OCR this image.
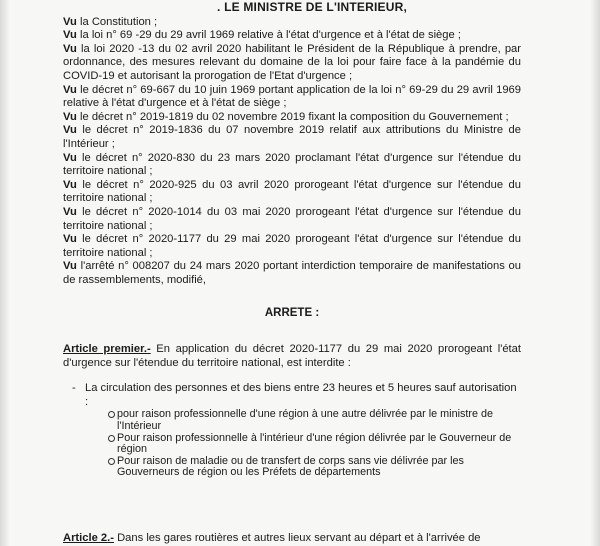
. LE MINISTRE DE L'INTERIEUR,
Vu la Constitution ;
Vu la loi n° 69 -29 du 29 avril 1969 relative à l'état d'urgence et à l'état de siège ;
Vu la loi 2020 -13 du 02 avril 2020 habilitant le Président de la République à prendre, par ordonnance, des mesures relevant du domaine de la loi pour faire face à la pandémie du COVID-19 et autorisant la prorogation de l'Etat d'urgence ;
Vu le décret n° 69-667 du 10 juin 1969 portant application de la loi n° 69-29 du 29 avril 1969 relative à l'état d'urgence et à l'état de siège ;
Vu le décret n° 2019-1819 du 02 novembre 2019 fixant la composition du Gouvernement ;
Vu le décret n° 2019-1836 du 07 novembre 2019 relatif aux attributions du Ministre de l'Intérieur ;
Vu le décret n° 2020-830 du 23 mars 2020 proclamant l'état d'urgence sur l'étendue du territoire national ;
Vu le décret n° 2020-925 du 03 avril 2020 prorogeant l'état d'urgence sur l'étendue du territoire national ;
Vu le décret n° 2020-1014 du 03 mai 2020 prorogeant l'état d'urgence sur l'étendue du territoire national ;
Vu le décret n° 2020-1177 du 29 mai 2020 prorogeant l'état d'urgence sur l'étendue du territoire national ;
Vu l'arrêté n° 008207 du 24 mars 2020 portant interdiction temporaire de manifestations ou de rassemblements, modifié,
ARRETE :
Article premier.- En application du décret 2020-1177 du 29 mai 2020 prorogeant l'état d'urgence sur l'étendue du territoire national, est interdite :
- La circulation des personnes et des biens entre 23 heures et 5 heures sauf autorisation :
pour raison professionnelle d'une région à une autre délivrée par le ministre de l'Intérieur
Pour raison professionnelle à l'intérieur d'une région délivrée par le Gouverneur de région
Pour raison de maladie ou de transfert de corps sans vie délivrée par les Gouverneurs de région ou les Préfets de départements
Article 2.- Dans les gares routières et autres lieux servant au départ et à l'arrivée de
